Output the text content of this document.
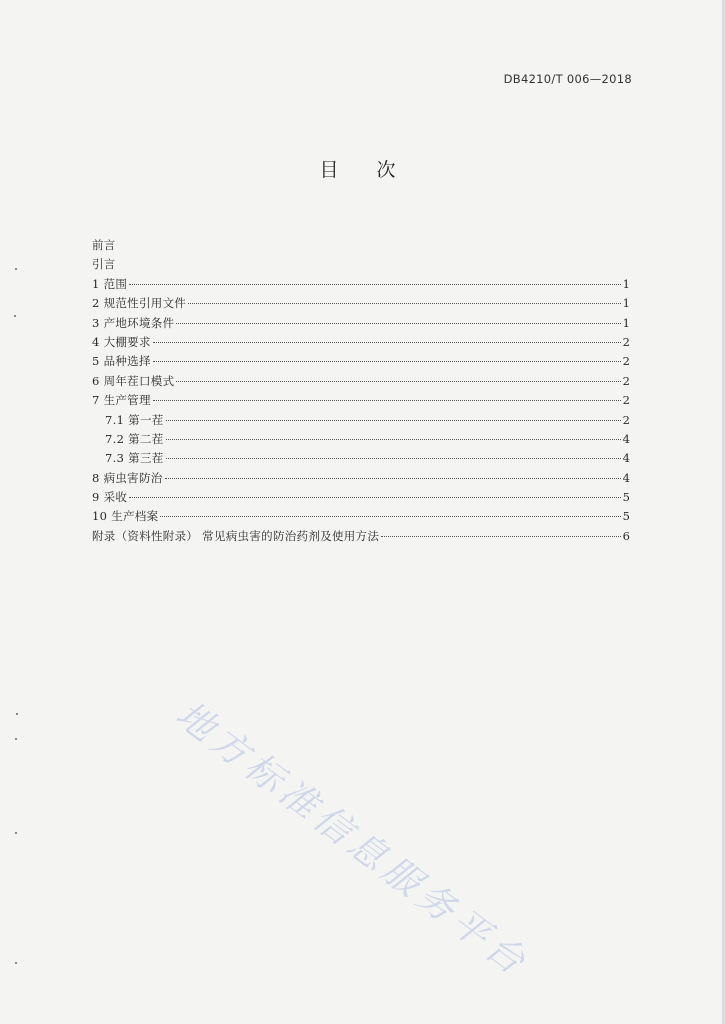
DB4210/T 006—2018
目 次
前言
引言
1 范围	1
2 规范性引用文件	1
3 产地环境条件	1
4 大棚要求	2
5 品种选择	2
6 周年茬口模式	2
7 生产管理	2
7.1 第一茬	2
7.2 第二茬	4
7.3 第三茬	4
8 病虫害防治	4
9 采收	5
10 生产档案	5
附录（资料性附录） 常见病虫害的防治药剂及使用方法	6
地方标准信息服务平台
